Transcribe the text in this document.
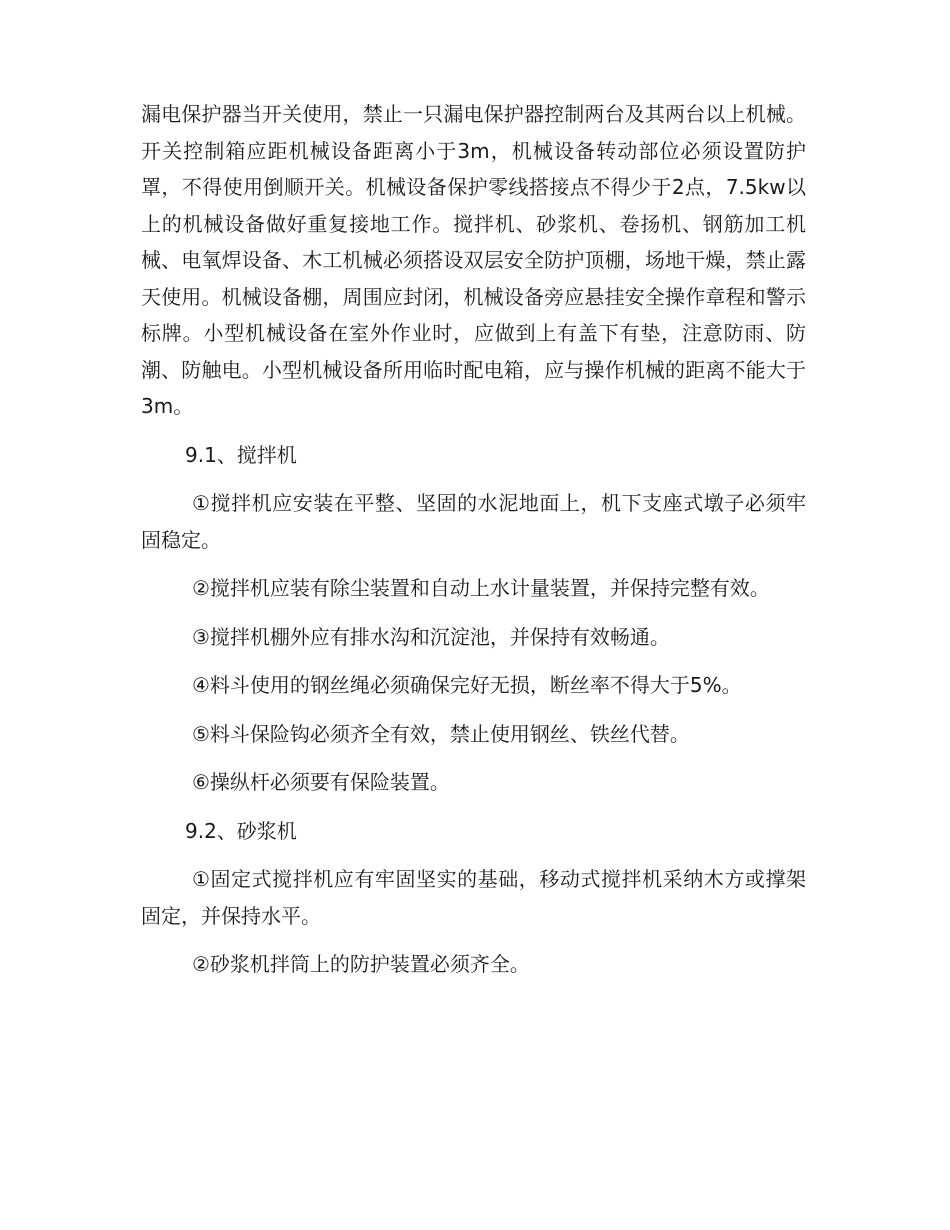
漏电保护器当开关使用，禁止一只漏电保护器控制两台及其两台以上机械。开关控制箱应距机械设备距离小于3m，机械设备转动部位必须设置防护罩，不得使用倒顺开关。机械设备保护零线搭接点不得少于2点，7.5kw以上的机械设备做好重复接地工作。搅拌机、砂浆机、卷扬机、钢筋加工机械、电氧焊设备、木工机械必须搭设双层安全防护顶棚，场地干燥，禁止露天使用。机械设备棚，周围应封闭，机械设备旁应悬挂安全操作章程和警示标牌。小型机械设备在室外作业时，应做到上有盖下有垫，注意防雨、防潮、防触电。小型机械设备所用临时配电箱，应与操作机械的距离不能大于3m。

9.1、搅拌机

①搅拌机应安装在平整、坚固的水泥地面上，机下支座式墩子必须牢固稳定。

②搅拌机应装有除尘装置和自动上水计量装置，并保持完整有效。

③搅拌机棚外应有排水沟和沉淀池，并保持有效畅通。

④料斗使用的钢丝绳必须确保完好无损，断丝率不得大于5%。

⑤料斗保险钩必须齐全有效，禁止使用钢丝、铁丝代替。

⑥操纵杆必须要有保险装置。

9.2、砂浆机

①固定式搅拌机应有牢固坚实的基础，移动式搅拌机采纳木方或撑架固定，并保持水平。

②砂浆机拌筒上的防护装置必须齐全。
